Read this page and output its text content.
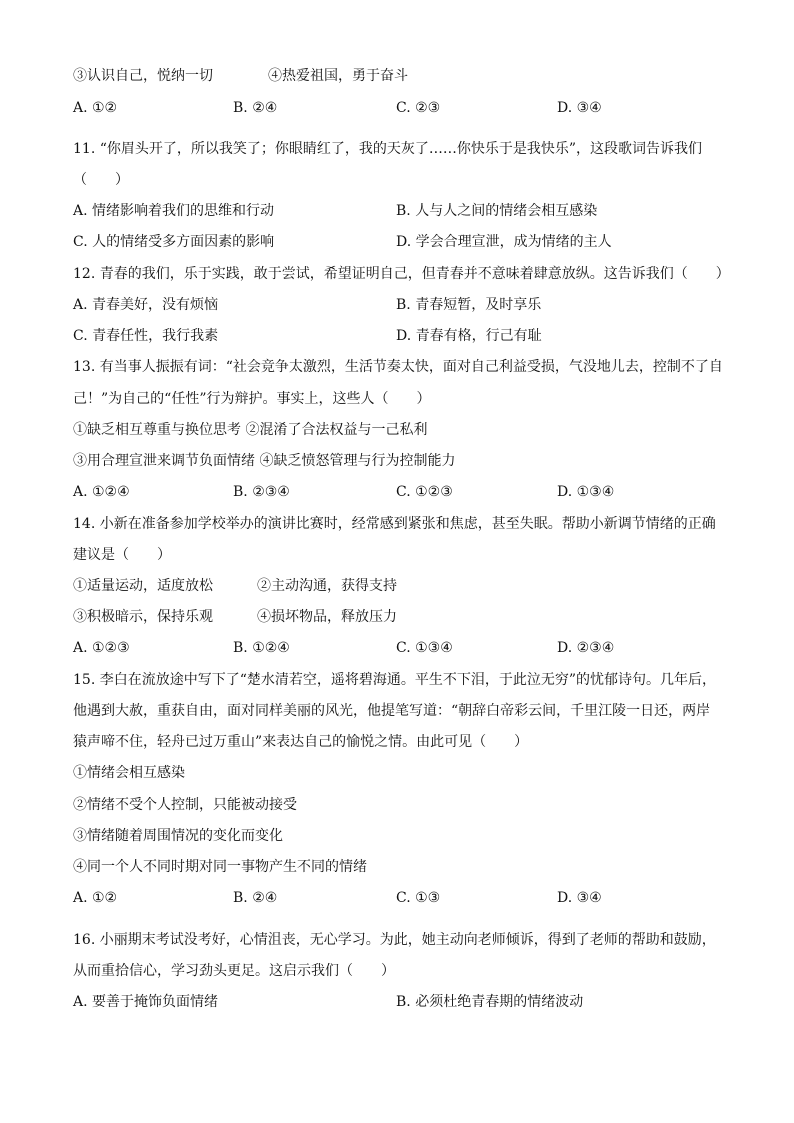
③认识自己，悦纳一切	④热爱祖国，勇于奋斗
A. ①②	B. ②④	C. ②③	D. ③④
11. “你眉头开了，所以我笑了；你眼睛红了，我的天灰了……你快乐于是我快乐”，这段歌词告诉我们
（　　）
A. 情绪影响着我们的思维和行动	B. 人与人之间的情绪会相互感染
C. 人的情绪受多方面因素的影响	D. 学会合理宣泄，成为情绪的主人
12. 青春的我们，乐于实践，敢于尝试，希望证明自己，但青春并不意味着肆意放纵。这告诉我们（　　）
A. 青春美好，没有烦恼	B. 青春短暂，及时享乐
C. 青春任性，我行我素	D. 青春有格，行己有耻
13. 有当事人振振有词：“社会竞争太激烈，生活节奏太快，面对自己利益受损，气没地儿去，控制不了自
己！”为自己的“任性”行为辩护。事实上，这些人（　　）
①缺乏相互尊重与换位思考 ②混淆了合法权益与一己私利
③用合理宣泄来调节负面情绪 ④缺乏愤怒管理与行为控制能力
A. ①②④	B. ②③④	C. ①②③	D. ①③④
14. 小新在准备参加学校举办的演讲比赛时，经常感到紧张和焦虑，甚至失眠。帮助小新调节情绪的正确
建议是（　　）
①适量运动，适度放松	②主动沟通，获得支持
③积极暗示，保持乐观	④损坏物品，释放压力
A. ①②③	B. ①②④	C. ①③④	D. ②③④
15. 李白在流放途中写下了“楚水清若空，遥将碧海通。平生不下泪，于此泣无穷”的忧郁诗句。几年后，
他遇到大赦，重获自由，面对同样美丽的风光，他提笔写道：“朝辞白帝彩云间，千里江陵一日还，两岸
猿声啼不住，轻舟已过万重山”来表达自己的愉悦之情。由此可见（　　）
①情绪会相互感染
②情绪不受个人控制，只能被动接受
③情绪随着周围情况的变化而变化
④同一个人不同时期对同一事物产生不同的情绪
A. ①②	B. ②④	C. ①③	D. ③④
16. 小丽期末考试没考好，心情沮丧，无心学习。为此，她主动向老师倾诉，得到了老师的帮助和鼓励，
从而重拾信心，学习劲头更足。这启示我们（　　）
A. 要善于掩饰负面情绪	B. 必须杜绝青春期的情绪波动
